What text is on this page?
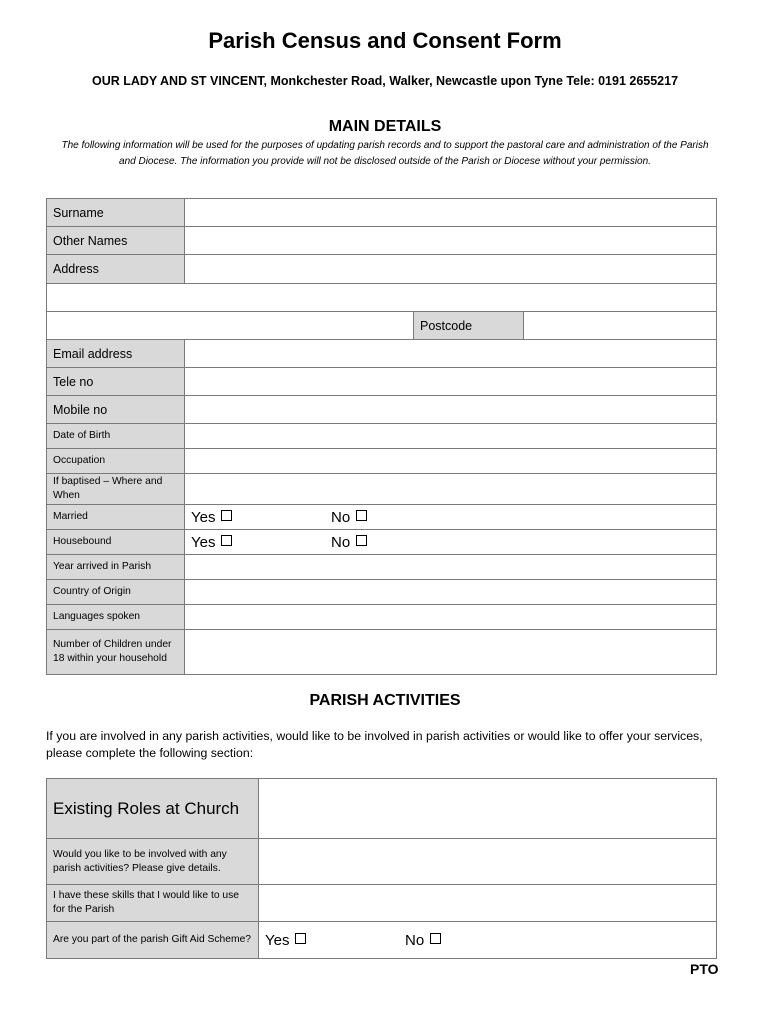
Parish Census and Consent Form
OUR LADY AND ST VINCENT, Monkchester Road, Walker, Newcastle upon Tyne Tele: 0191 2655217
MAIN DETAILS
The following information will be used for the purposes of updating parish records and to support the pastoral care and administration of the Parish and Diocese. The information you provide will not be disclosed outside of the Parish or Diocese without your permission.
Surname			
Other Names			
Address			

		Postcode	
Email address			
Tele no			
Mobile no			
Date of Birth			
Occupation			
If baptised – Where and When			
Married	Yes No		

Housebound	Yes No		

Year arrived in Parish			
Country of Origin			
Languages spoken			
Number of Children under 18 within your household			
PARISH ACTIVITIES
If you are involved in any parish activities, would like to be involved in parish activities or would like to offer your services, please complete the following section:
Existing Roles at Church	
Would you like to be involved with any parish activities? Please give details.	
I have these skills that I would like to use for the Parish	
Are you part of the parish Gift Aid Scheme?	Yes No
PTO
